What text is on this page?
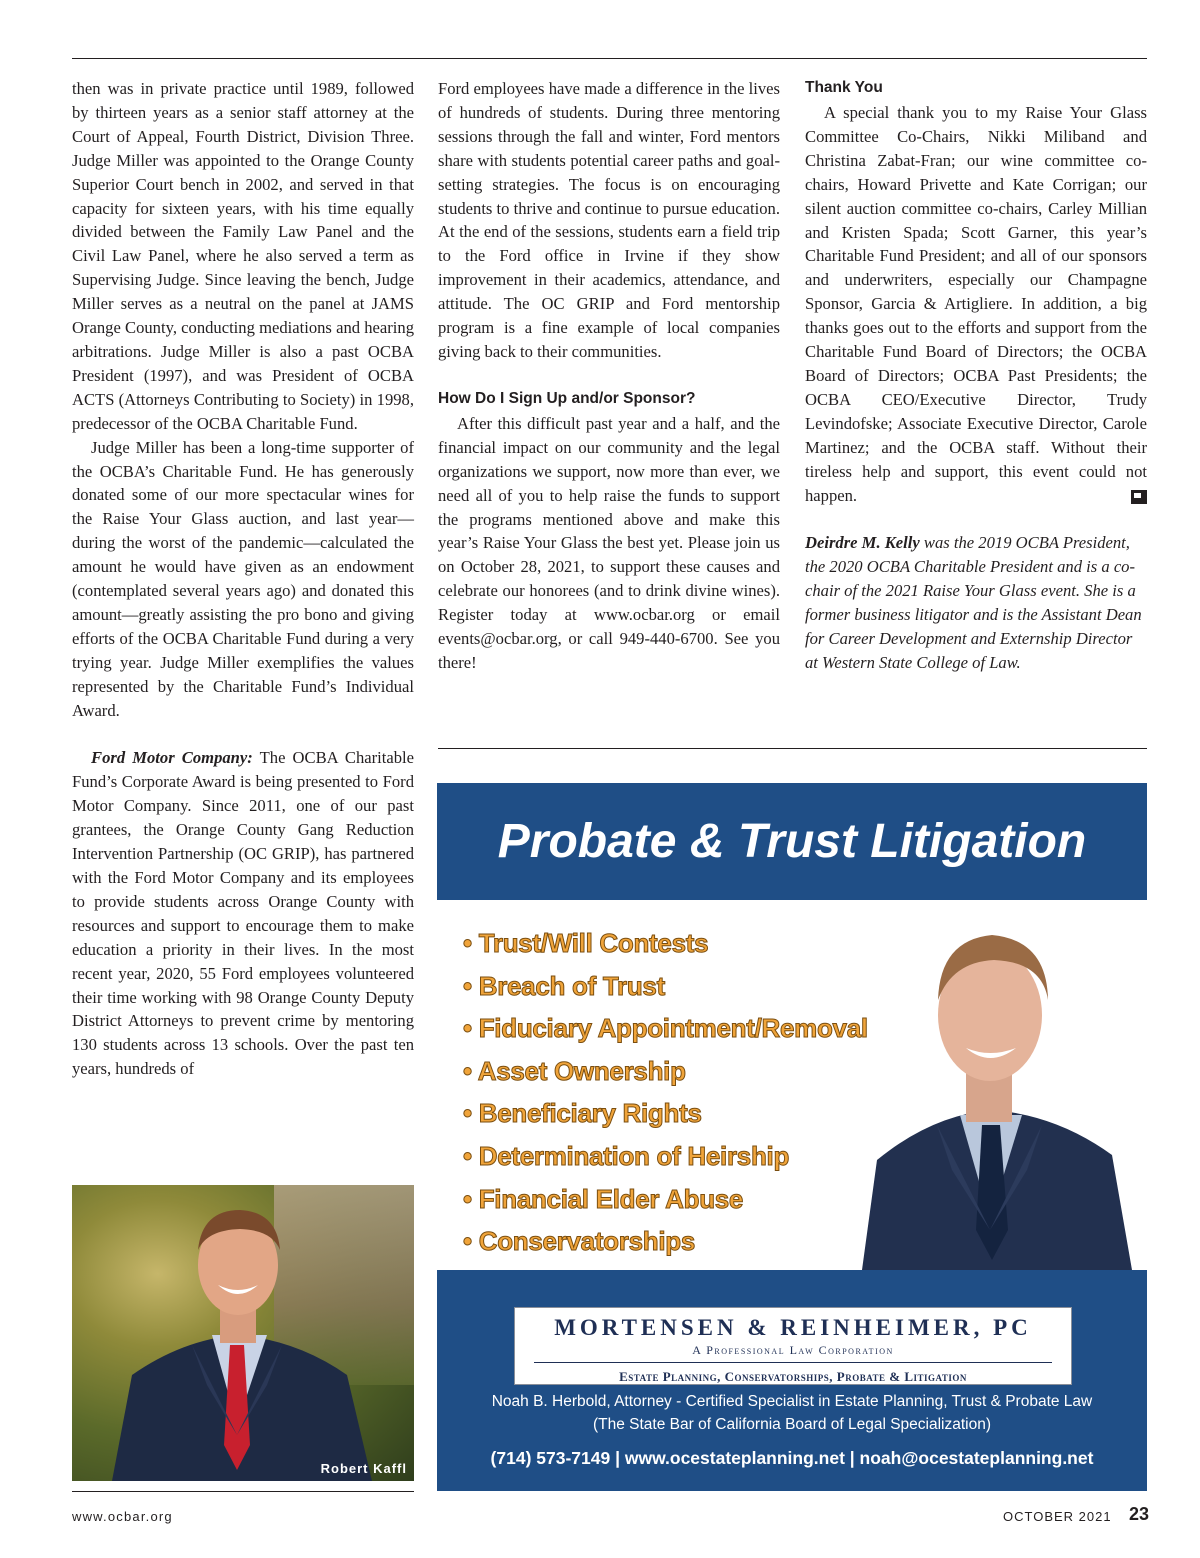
then was in private practice until 1989, followed by thirteen years as a senior staff attorney at the Court of Appeal, Fourth District, Division Three. Judge Miller was appointed to the Orange County Superior Court bench in 2002, and served in that capacity for sixteen years, with his time equally divided between the Family Law Panel and the Civil Law Panel, where he also served a term as Supervising Judge. Since leaving the bench, Judge Miller serves as a neutral on the panel at JAMS Orange County, conducting mediations and hearing arbitrations. Judge Miller is also a past OCBA President (1997), and was President of OCBA ACTS (Attorneys Contributing to Society) in 1998, predecessor of the OCBA Charitable Fund.

Judge Miller has been a long-time supporter of the OCBA’s Charitable Fund. He has generously donated some of our more spectacular wines for the Raise Your Glass auction, and last year—during the worst of the pandemic—calculated the amount he would have given as an endowment (contemplated several years ago) and donated this amount—greatly assisting the pro bono and giving efforts of the OCBA Charitable Fund during a very trying year. Judge Miller exemplifies the values represented by the Charitable Fund’s Individual Award.

Ford Motor Company: The OCBA Charitable Fund’s Corporate Award is being presented to Ford Motor Company. Since 2011, one of our past grantees, the Orange County Gang Reduction Intervention Partnership (OC GRIP), has partnered with the Ford Motor Company and its employees to provide students across Orange County with resources and support to encourage them to make education a priority in their lives. In the most recent year, 2020, 55 Ford employees volunteered their time working with 98 Orange County Deputy District Attorneys to prevent crime by mentoring 130 students across 13 schools. Over the past ten years, hundreds of

Robert Kaffl

Ford employees have made a difference in the lives of hundreds of students. During three mentoring sessions through the fall and winter, Ford mentors share with students potential career paths and goal-setting strategies. The focus is on encouraging students to thrive and continue to pursue education. At the end of the sessions, students earn a field trip to the Ford office in Irvine if they show improvement in their academics, attendance, and attitude. The OC GRIP and Ford mentorship program is a fine example of local companies giving back to their communities.

How Do I Sign Up and/or Sponsor?

After this difficult past year and a half, and the financial impact on our community and the legal organizations we support, now more than ever, we need all of you to help raise the funds to support the programs mentioned above and make this year’s Raise Your Glass the best yet. Please join us on October 28, 2021, to support these causes and celebrate our honorees (and to drink divine wines). Register today at www.ocbar.org or email events@ocbar.org, or call 949-440-6700. See you there!

Thank You

A special thank you to my Raise Your Glass Committee Co-Chairs, Nikki Miliband and Christina Zabat-Fran; our wine committee co-chairs, Howard Privette and Kate Corrigan; our silent auction committee co-chairs, Carley Millian and Kristen Spada; Scott Garner, this year’s Charitable Fund President; and all of our sponsors and underwriters, especially our Champagne Sponsor, Garcia & Artigliere. In addition, a big thanks goes out to the efforts and support from the Charitable Fund Board of Directors; the OCBA Board of Directors; OCBA Past Presidents; the OCBA CEO/Executive Director, Trudy Levindofske; Associate Executive Director, Carole Martinez; and the OCBA staff. Without their tireless help and support, this event could not happen.

Deirdre M. Kelly was the 2019 OCBA President, the 2020 OCBA Charitable President and is a co-chair of the 2021 Raise Your Glass event. She is a former business litigator and is the Assistant Dean for Career Development and Externship Director at Western State College of Law.

Probate & Trust Litigation
• Trust/Will Contests
• Breach of Trust
• Fiduciary Appointment/Removal
• Asset Ownership
• Beneficiary Rights
• Determination of Heirship
• Financial Elder Abuse
• Conservatorships
MORTENSEN & REINHEIMER, PC
A Professional Law Corporation
Estate Planning, Conservatorships, Probate & Litigation
Noah B. Herbold, Attorney - Certified Specialist in Estate Planning, Trust & Probate Law
(The State Bar of California Board of Legal Specialization)
(714) 573-7149 | www.ocestateplanning.net | noah@ocestateplanning.net
www.ocbar.org	OCTOBER 2021 23
